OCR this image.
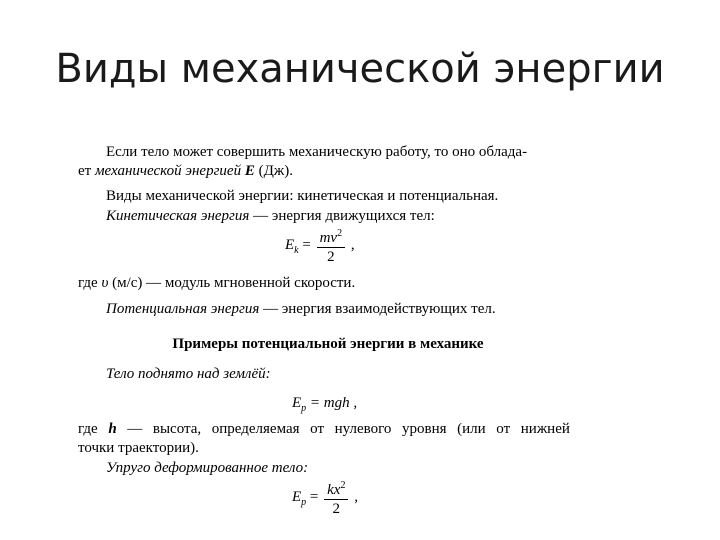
Виды механической энергии
Если тело может совершить механическую работу, то оно облада-
ет механической энергией E (Дж).
Виды механической энергии: кинетическая и потенциальная.
Кинетическая энергия — энергия движущихся тел:
$E_k = \frac{mv^2}{2}$ ,
где υ (м/с) — модуль мгновенной скорости.
Потенциальная энергия — энергия взаимодействующих тел.
Примеры потенциальной энергии в механике
Тело поднято над землёй:
$E_p$ = mgh ,
где h — высота, определяемая от нулевого уровня (или от нижней
точки траектории).
Упруго деформированное тело:
$E_p = \frac{kx^2}{2}$ ,
